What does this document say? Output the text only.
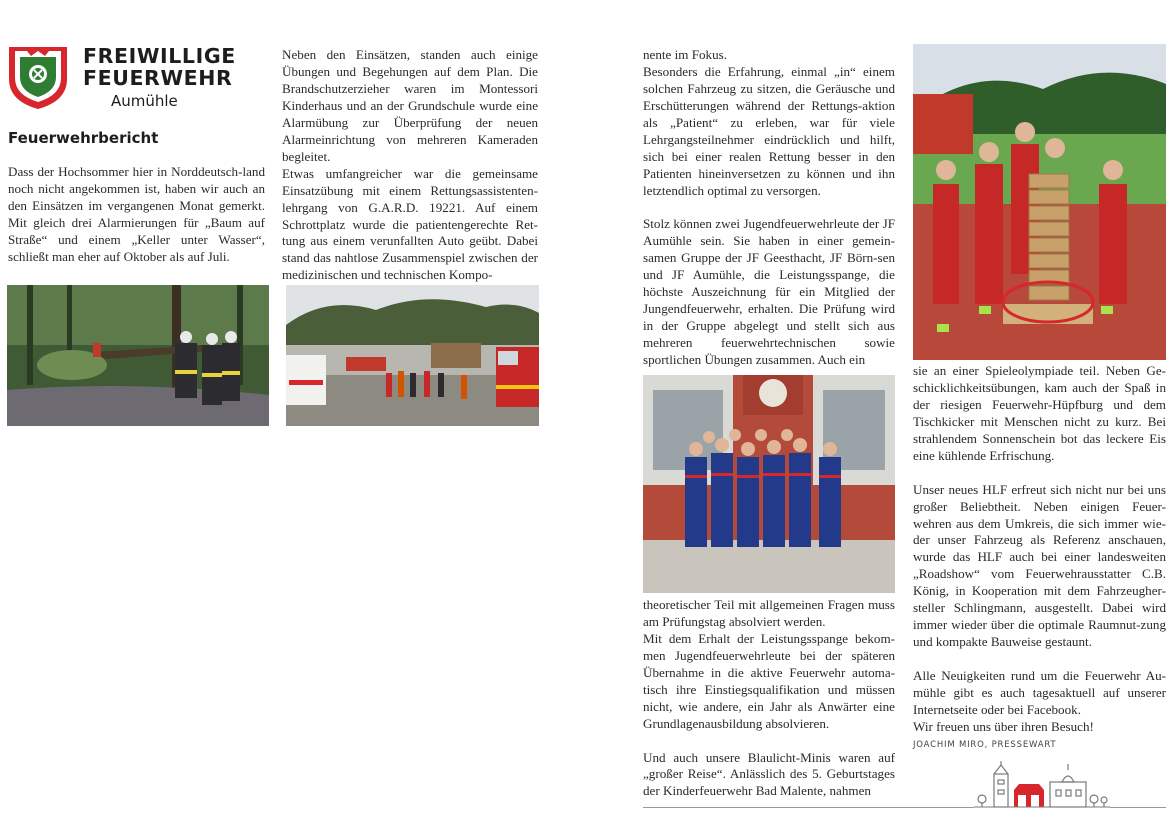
FREIWILLIGE
FEUERWEHR
Aumühle
Feuerwehrbericht

Dass der Hochsommer hier in Norddeutsch-land noch nicht angekommen ist, haben wir auch an den Einsätzen im vergangenen Monat gemerkt. Mit gleich drei Alarmierungen für „Baum auf Straße“ und einem „Keller unter Wasser“, schließt man eher auf Oktober als auf Juli.

Neben den Einsätzen, standen auch einige Übungen und Begehungen auf dem Plan. Die Brandschutzerzieher waren im Montessori Kinderhaus und an der Grundschule wurde eine Alarmübung zur Überprüfung der neuen Alarmeinrichtung von mehreren Kameraden begleitet.

Etwas umfangreicher war die gemeinsame Einsatzübung mit einem Rettungsassistenten-lehrgang von G.A.R.D. 19221. Auf einem Schrottplatz wurde die patientengerechte Ret-tung aus einem verunfallten Auto geübt. Dabei stand das nahtlose Zusammenspiel zwischen der medizinischen und technischen Kompo-

nente im Fokus.

Besonders die Erfahrung, einmal „in“ einem solchen Fahrzeug zu sitzen, die Geräusche und Erschütterungen während der Rettungs-aktion als „Patient“ zu erleben, war für viele Lehrgangsteilnehmer eindrücklich und hilft, sich bei einer realen Rettung besser in den Patienten hineinversetzen zu können und ihn letztendlich optimal zu versorgen.

Stolz können zwei Jugendfeuerwehrleute der JF Aumühle sein. Sie haben in einer gemein-samen Gruppe der JF Geesthacht, JF Börn-sen und JF Aumühle, die Leistungsspange, die höchste Auszeichnung für ein Mitglied der Jungendfeuerwehr, erhalten. Die Prüfung wird in der Gruppe abgelegt und stellt sich aus mehreren feuerwehrtechnischen sowie sportlichen Übungen zusammen. Auch ein

theoretischer Teil mit allgemeinen Fragen muss am Prüfungstag absolviert werden.

Mit dem Erhalt der Leistungsspange bekom-men Jugendfeuerwehrleute bei der späteren Übernahme in die aktive Feuerwehr automa-tisch ihre Einstiegsqualifikation und müssen nicht, wie andere, ein Jahr als Anwärter eine Grundlagenausbildung absolvieren.

Und auch unsere Blaulicht-Minis waren auf „großer Reise“. Anlässlich des 5. Geburtstages der Kinderfeuerwehr Bad Malente, nahmen

sie an einer Spieleolympiade teil. Neben Ge-schicklichkeitsübungen, kam auch der Spaß in der riesigen Feuerwehr-Hüpfburg und dem Tischkicker mit Menschen nicht zu kurz. Bei strahlendem Sonnenschein bot das leckere Eis eine kühlende Erfrischung.

Unser neues HLF erfreut sich nicht nur bei uns großer Beliebtheit. Neben einigen Feuer-wehren aus dem Umkreis, die sich immer wie-der unser Fahrzeug als Referenz anschauen, wurde das HLF auch bei einer landesweiten „Roadshow“ vom Feuerwehrausstatter C.B. König, in Kooperation mit dem Fahrzeugher-steller Schlingmann, ausgestellt. Dabei wird immer wieder über die optimale Raumnut-zung und kompakte Bauweise gestaunt.

Alle Neuigkeiten rund um die Feuerwehr Au-mühle gibt es auch tagesaktuell auf unserer Internetseite oder bei Facebook.

Wir freuen uns über ihren Besuch!

JOACHIM MIRO, PRESSEWART
